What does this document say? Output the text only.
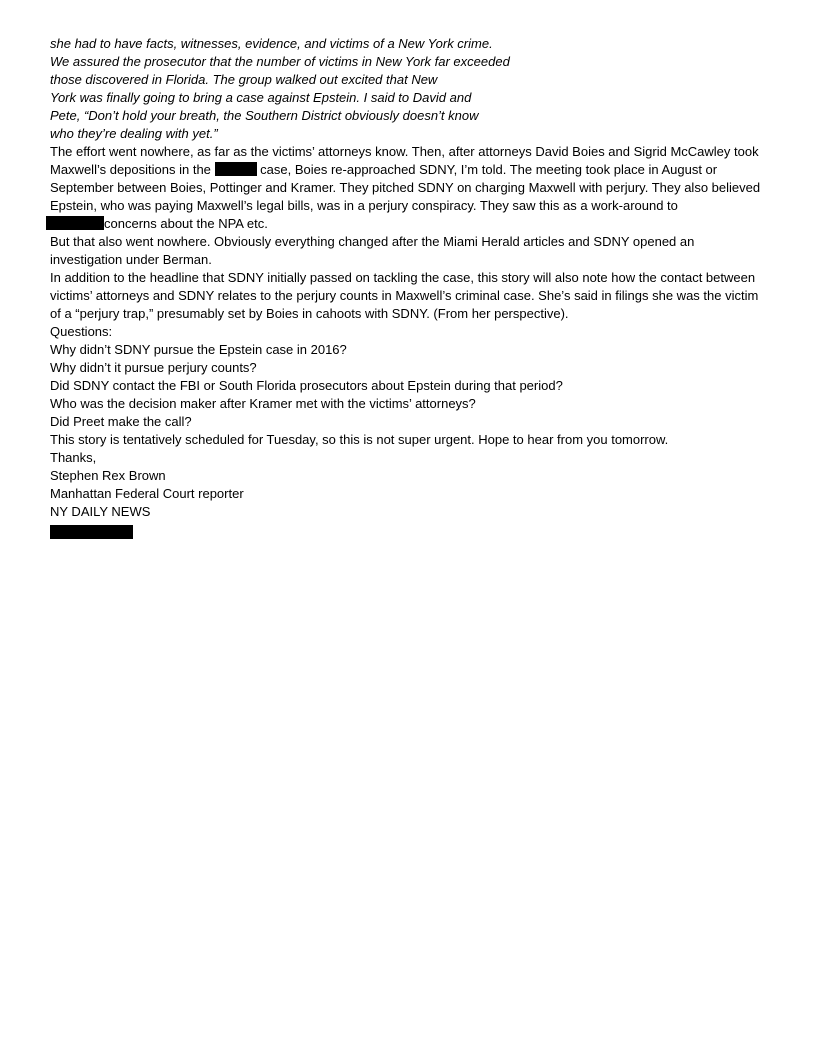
she had to have facts, witnesses, evidence, and victims of a New York crime.
We assured the prosecutor that the number of victims in New York far exceeded
those discovered in Florida. The group walked out excited that New
York was finally going to bring a case against Epstein. I said to David and
Pete, “Don’t hold your breath, the Southern District obviously doesn’t know
who they’re dealing with yet.”

The effort went nowhere, as far as the victims’ attorneys know. Then, after attorneys David Boies and Sigrid McCawley took Maxwell’s depositions in the	case, Boies re-approached SDNY, I’m told. The meeting took place in August or September between Boies, Pottinger and Kramer. They pitched SDNY on charging Maxwell with perjury. They also believed Epstein, who was paying Maxwell’s legal bills, was in a perjury conspiracy. They saw this as a work-around to
concerns about the NPA etc.

But that also went nowhere. Obviously everything changed after the Miami Herald articles and SDNY opened an investigation under Berman.

In addition to the headline that SDNY initially passed on tackling the case, this story will also note how the contact between victims’ attorneys and SDNY relates to the perjury counts in Maxwell’s criminal case. She’s said in filings she was the victim of a “perjury trap,” presumably set by Boies in cahoots with SDNY. (From her perspective).

Questions:

Why didn’t SDNY pursue the Epstein case in 2016?
Why didn’t it pursue perjury counts?
Did SDNY contact the FBI or South Florida prosecutors about Epstein during that period?
Who was the decision maker after Kramer met with the victims’ attorneys?
Did Preet make the call?

This story is tentatively scheduled for Tuesday, so this is not super urgent. Hope to hear from you tomorrow.

Thanks,

Stephen Rex Brown
Manhattan Federal Court reporter
NY DAILY NEWS
